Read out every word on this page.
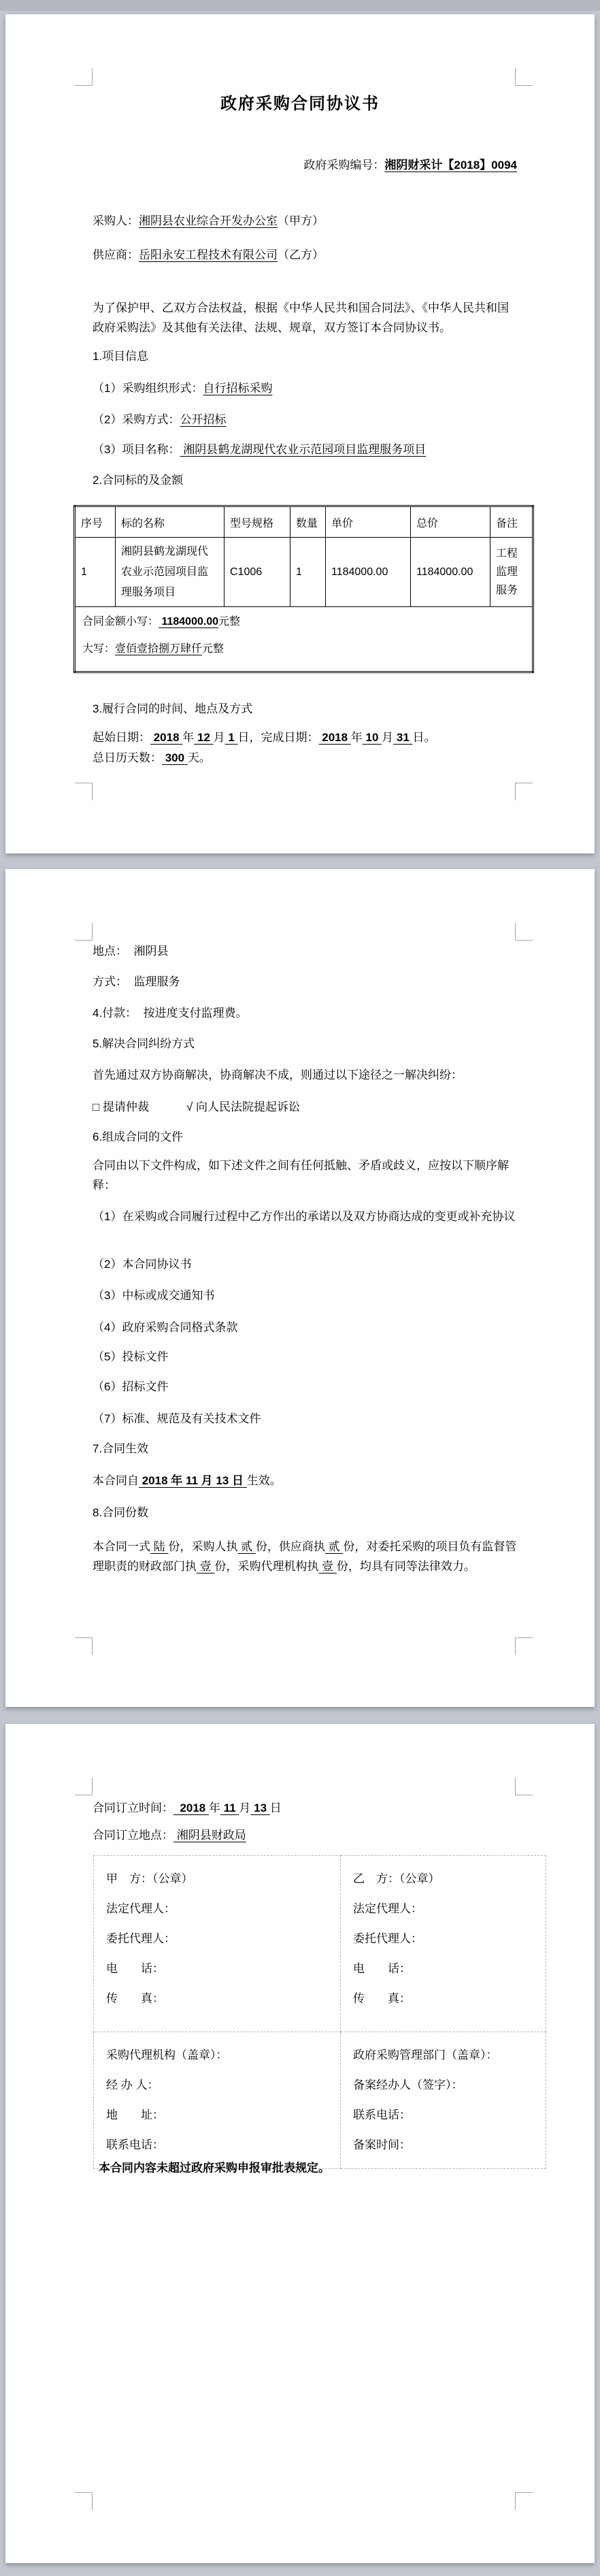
政府采购合同协议书
政府采购编号：湘阴财采计【2018】0094
采购人：湘阴县农业综合开发办公室（甲方）
供应商：岳阳永安工程技术有限公司（乙方）
为了保护甲、乙双方合法权益，根据《中华人民共和国合同法》、《中华人民共和国政府采购法》及其他有关法律、法规、规章，双方签订本合同协议书。
1.项目信息
（1）采购组织形式：自行招标采购
（2）采购方式：公开招标
（3）项目名称： 湘阴县鹤龙湖现代农业示范园项目监理服务项目
2.合同标的及金额
序号	标的名称	型号规格	数量	单价	总价	备注
1	湘阴县鹤龙湖现代农业示范园项目监理服务项目	C1006	1	1184000.00	1184000.00	工程监理服务

合同金额小写： 1184000.00元整
大写：壹佰壹拾捌万肆仟元整						
3.履行合同的时间、地点及方式
起始日期： 2018 年 12 月 1 日，完成日期： 2018 年 10 月 31 日。
总日历天数： 300 天。
地点：  湘阴县
方式：  监理服务
4.付款：  按进度支付监理费。
5.解决合同纠纷方式
首先通过双方协商解决，协商解决不成，则通过以下途径之一解决纠纷：
□ 提请仲裁	√ 向人民法院提起诉讼
6.组成合同的文件
合同由以下文件构成，如下述文件之间有任何抵触、矛盾或歧义，应按以下顺序解释：
（1）在采购或合同履行过程中乙方作出的承诺以及双方协商达成的变更或补充协议
（2）本合同协议书
（3）中标或成交通知书
（4）政府采购合同格式条款
（5）投标文件
（6）招标文件
（7）标准、规范及有关技术文件
7.合同生效
本合同自 2018 年 11 月 13 日 生效。
8.合同份数
本合同一式 陆 份，采购人执 贰 份，供应商执 贰 份，对委托采购的项目负有监督管理职责的财政部门执 壹 份，采购代理机构执 壹 份，均具有同等法律效力。
合同订立时间：  2018 年 11 月 13 日
合同订立地点： 湘阴县财政局
甲　方：（公章）
法定代理人：
委托代理人：
电　　话：
传　　真：

乙　方：（公章）
法定代理人：
委托代理人：
电　　话：
传　　真：

采购代理机构（盖章）：
经 办 人：
地　　址：
联系电话：

政府采购管理部门（盖章）：
备案经办人（签字）：
联系电话：
备案时间：
本合同内容未超过政府采购申报审批表规定。
